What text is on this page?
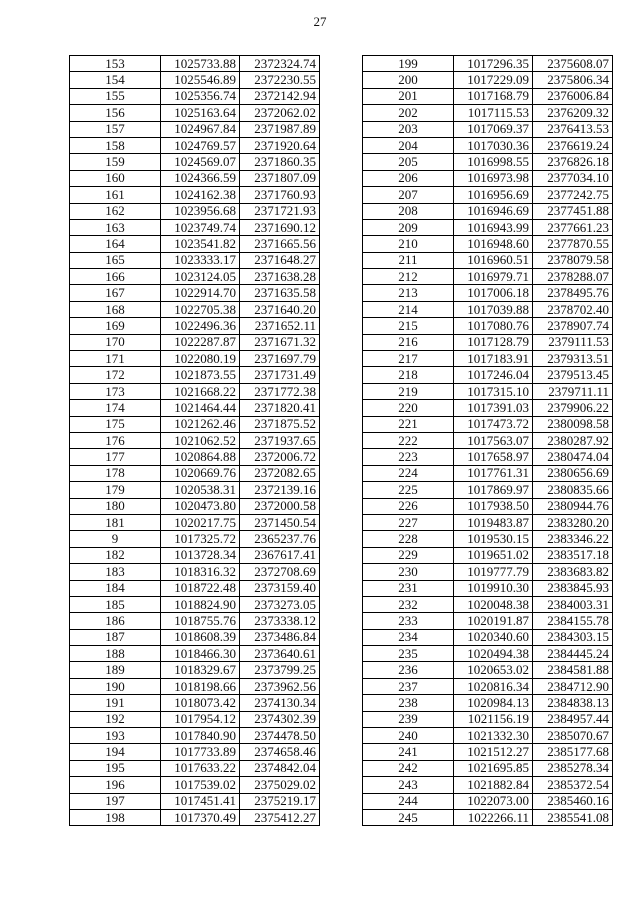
27
153	1025733.88	2372324.74
154	1025546.89	2372230.55
155	1025356.74	2372142.94
156	1025163.64	2372062.02
157	1024967.84	2371987.89
158	1024769.57	2371920.64
159	1024569.07	2371860.35
160	1024366.59	2371807.09
161	1024162.38	2371760.93
162	1023956.68	2371721.93
163	1023749.74	2371690.12
164	1023541.82	2371665.56
165	1023333.17	2371648.27
166	1023124.05	2371638.28
167	1022914.70	2371635.58
168	1022705.38	2371640.20
169	1022496.36	2371652.11
170	1022287.87	2371671.32
171	1022080.19	2371697.79
172	1021873.55	2371731.49
173	1021668.22	2371772.38
174	1021464.44	2371820.41
175	1021262.46	2371875.52
176	1021062.52	2371937.65
177	1020864.88	2372006.72
178	1020669.76	2372082.65
179	1020538.31	2372139.16
180	1020473.80	2372000.58
181	1020217.75	2371450.54
9	1017325.72	2365237.76
182	1013728.34	2367617.41
183	1018316.32	2372708.69
184	1018722.48	2373159.40
185	1018824.90	2373273.05
186	1018755.76	2373338.12
187	1018608.39	2373486.84
188	1018466.30	2373640.61
189	1018329.67	2373799.25
190	1018198.66	2373962.56
191	1018073.42	2374130.34
192	1017954.12	2374302.39
193	1017840.90	2374478.50
194	1017733.89	2374658.46
195	1017633.22	2374842.04
196	1017539.02	2375029.02
197	1017451.41	2375219.17
198	1017370.49	2375412.27
199	1017296.35	2375608.07
200	1017229.09	2375806.34
201	1017168.79	2376006.84
202	1017115.53	2376209.32
203	1017069.37	2376413.53
204	1017030.36	2376619.24
205	1016998.55	2376826.18
206	1016973.98	2377034.10
207	1016956.69	2377242.75
208	1016946.69	2377451.88
209	1016943.99	2377661.23
210	1016948.60	2377870.55
211	1016960.51	2378079.58
212	1016979.71	2378288.07
213	1017006.18	2378495.76
214	1017039.88	2378702.40
215	1017080.76	2378907.74
216	1017128.79	2379111.53
217	1017183.91	2379313.51
218	1017246.04	2379513.45
219	1017315.10	2379711.11
220	1017391.03	2379906.22
221	1017473.72	2380098.58
222	1017563.07	2380287.92
223	1017658.97	2380474.04
224	1017761.31	2380656.69
225	1017869.97	2380835.66
226	1017938.50	2380944.76
227	1019483.87	2383280.20
228	1019530.15	2383346.22
229	1019651.02	2383517.18
230	1019777.79	2383683.82
231	1019910.30	2383845.93
232	1020048.38	2384003.31
233	1020191.87	2384155.78
234	1020340.60	2384303.15
235	1020494.38	2384445.24
236	1020653.02	2384581.88
237	1020816.34	2384712.90
238	1020984.13	2384838.13
239	1021156.19	2384957.44
240	1021332.30	2385070.67
241	1021512.27	2385177.68
242	1021695.85	2385278.34
243	1021882.84	2385372.54
244	1022073.00	2385460.16
245	1022266.11	2385541.08
